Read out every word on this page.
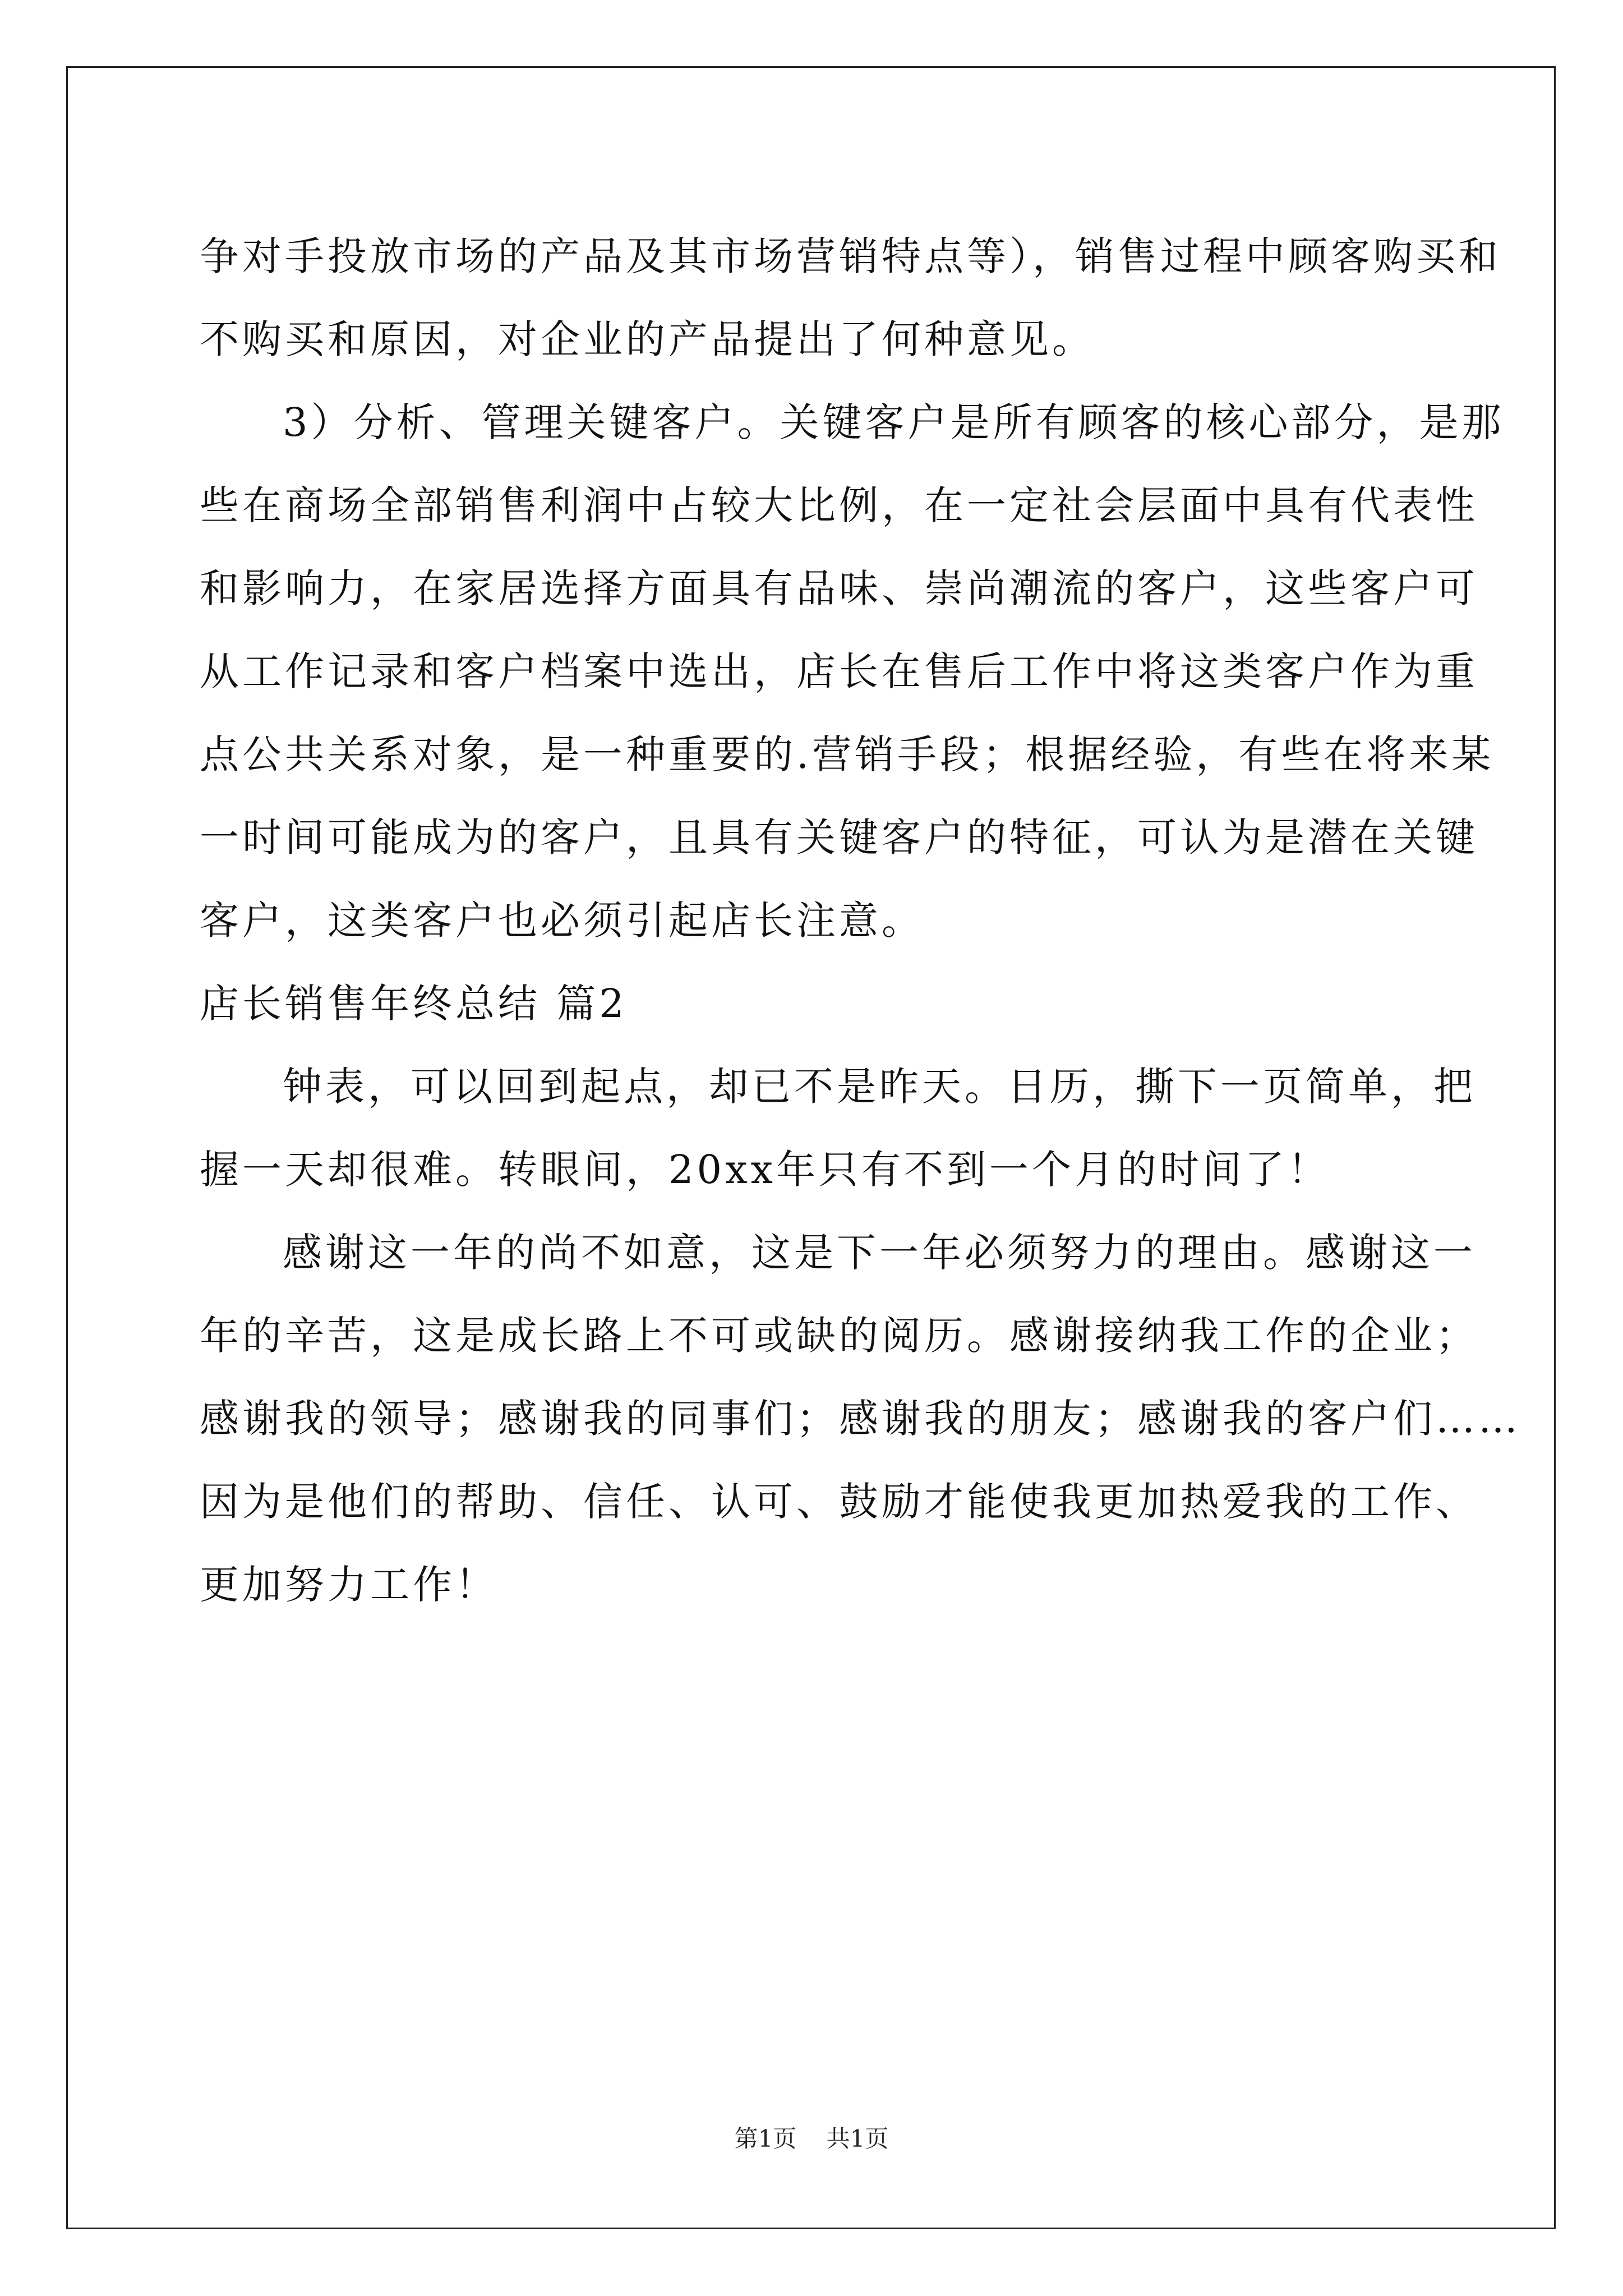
争对手投放市场的产品及其市场营销特点等），销售过程中顾客购买和
不购买和原因，对企业的产品提出了何种意见。
3）分析、管理关键客户。关键客户是所有顾客的核心部分，是那
些在商场全部销售利润中占较大比例，在一定社会层面中具有代表性
和影响力，在家居选择方面具有品味、崇尚潮流的客户，这些客户可
从工作记录和客户档案中选出，店长在售后工作中将这类客户作为重
点公共关系对象，是一种重要的.营销手段；根据经验，有些在将来某
一时间可能成为的客户，且具有关键客户的特征，可认为是潜在关键
客户，这类客户也必须引起店长注意。
店长销售年终总结 篇2
钟表，可以回到起点，却已不是昨天。日历，撕下一页简单，把
握一天却很难。转眼间，20xx年只有不到一个月的时间了！
感谢这一年的尚不如意，这是下一年必须努力的理由。感谢这一
年的辛苦，这是成长路上不可或缺的阅历。感谢接纳我工作的企业；
感谢我的领导；感谢我的同事们；感谢我的朋友；感谢我的客户们……
因为是他们的帮助、信任、认可、鼓励才能使我更加热爱我的工作、
更加努力工作！
第1页 共1页
